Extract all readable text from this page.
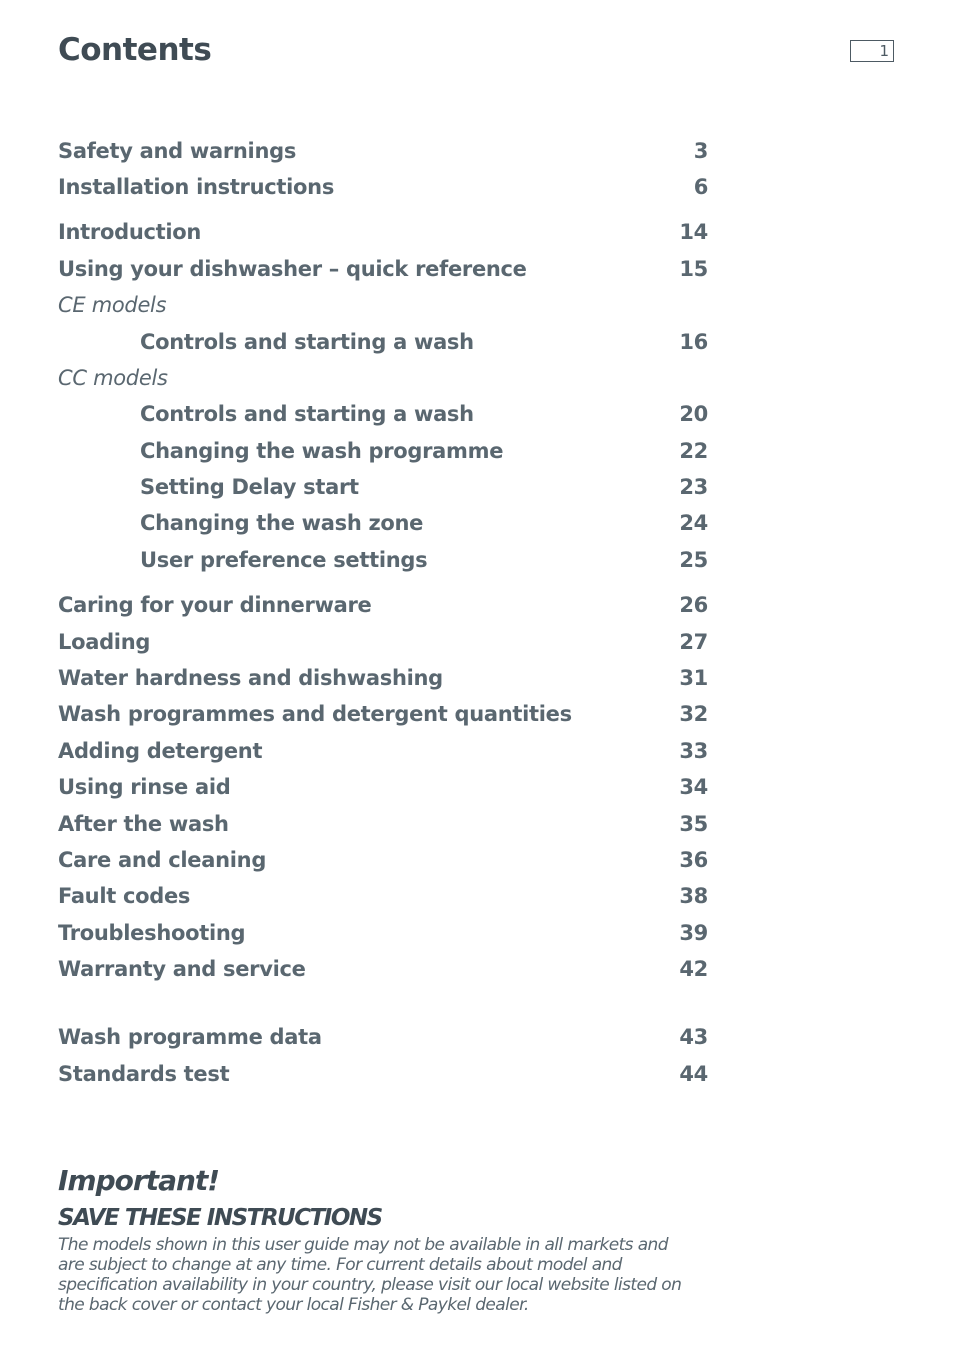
Contents	1
Safety and warnings	3
Installation instructions	6
Introduction	14
Using your dishwasher – quick reference	15
CE models
Controls and starting a wash	16
CC models
Controls and starting a wash	20
Changing the wash programme	22
Setting Delay start	23
Changing the wash zone	24
User preference settings	25
Caring for your dinnerware	26
Loading	27
Water hardness and dishwashing	31
Wash programmes and detergent quantities	32
Adding detergent	33
Using rinse aid	34
After the wash	35
Care and cleaning	36
Fault codes	38
Troubleshooting	39
Warranty and service	42
Wash programme data	43
Standards test	44
Important!
SAVE THESE INSTRUCTIONS
The models shown in this user guide may not be available in all markets and are subject to change at any time. For current details about model and specification availability in your country, please visit our local website listed on the back cover or contact your local Fisher & Paykel dealer.
